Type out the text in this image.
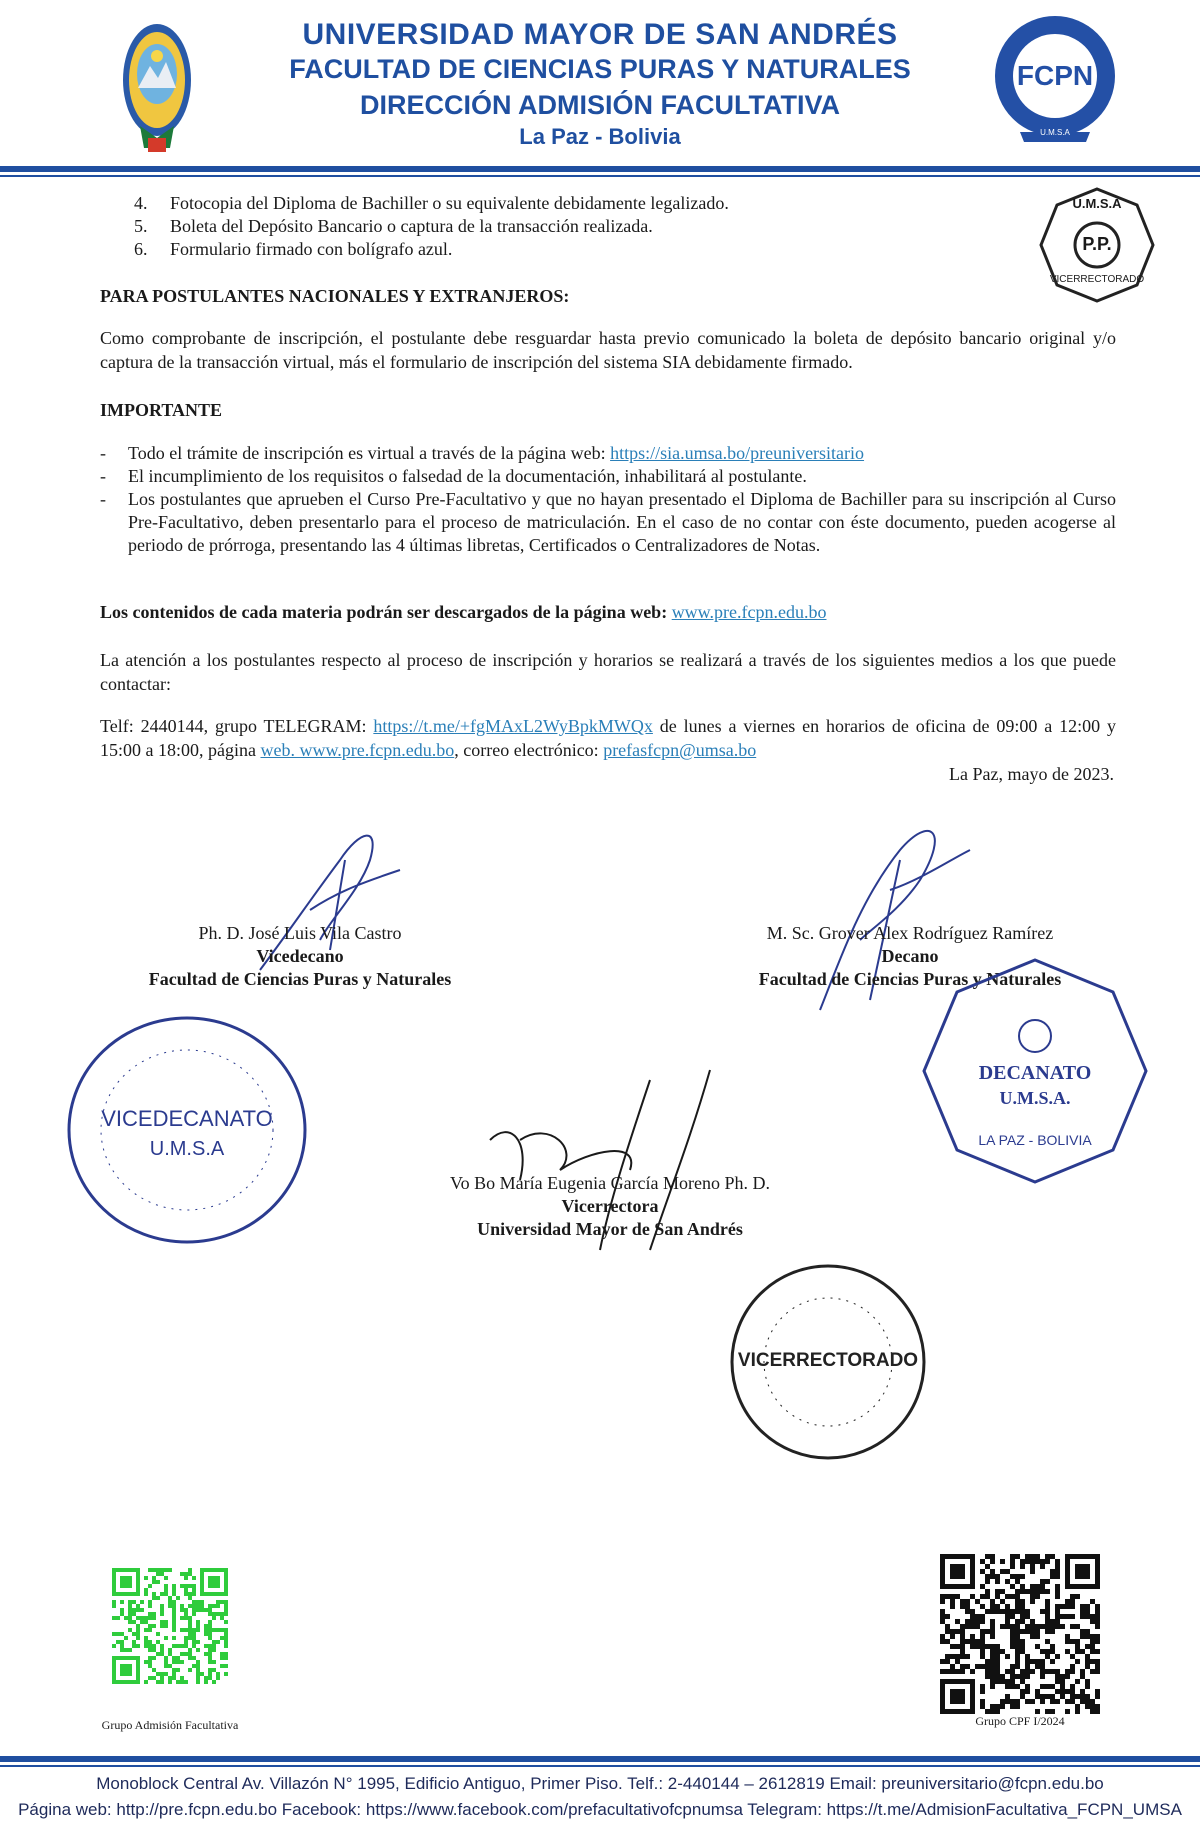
UNIVERSIDAD MAYOR DE SAN ANDRÉS
FACULTAD DE CIENCIAS PURAS Y NATURALES
DIRECCIÓN ADMISIÓN FACULTATIVA
La Paz - Bolivia
FCPN
U.M.S.A
4.	Fotocopia del Diploma de Bachiller o su equivalente debidamente legalizado.
5.	Boleta del Depósito Bancario o captura de la transacción realizada.
6.	Formulario firmado con bolígrafo azul.
U.M.S.A
P.P.
VICERRECTORADO
PARA POSTULANTES NACIONALES Y EXTRANJEROS:
Como comprobante de inscripción, el postulante debe resguardar hasta previo comunicado la boleta de depósito bancario original y/o captura de la transacción virtual, más el formulario de inscripción del sistema SIA debidamente firmado.
IMPORTANTE
- Todo el trámite de inscripción es virtual a través de la página web: https://sia.umsa.bo/preuniversitario
- El incumplimiento de los requisitos o falsedad de la documentación, inhabilitará al postulante.
- Los postulantes que aprueben el Curso Pre-Facultativo y que no hayan presentado el Diploma de Bachiller para su inscripción al Curso Pre-Facultativo, deben presentarlo para el proceso de matriculación. En el caso de no contar con éste documento, pueden acogerse al periodo de prórroga, presentando las 4 últimas libretas, Certificados o Centralizadores de Notas.
Los contenidos de cada materia podrán ser descargados de la página web: www.pre.fcpn.edu.bo
La atención a los postulantes respecto al proceso de inscripción y horarios se realizará a través de los siguientes medios a los que puede contactar:
Telf: 2440144, grupo TELEGRAM: https://t.me/+fgMAxL2WyBpkMWQx de lunes a viernes en horarios de oficina de 09:00 a 12:00 y 15:00 a 18:00, página web. www.pre.fcpn.edu.bo, correo electrónico: prefasfcpn@umsa.bo
La Paz, mayo de 2023.
Ph. D. José Luis Vila Castro
Vicedecano
Facultad de Ciencias Puras y Naturales
M. Sc. Grover Alex Rodríguez Ramírez
Decano
Facultad de Ciencias Puras y Naturales
Vo Bo María Eugenia García Moreno Ph. D.
Vicerrectora
Universidad Mayor de San Andrés
VICEDECANATO
U.M.S.A
DECANATO
U.M.S.A.
LA PAZ - BOLIVIA
VICERRECTORADO
Grupo Admisión Facultativa	Grupo CPF I/2024
Monoblock Central Av. Villazón N° 1995, Edificio Antiguo, Primer Piso. Telf.: 2-440144 – 2612819 Email: preuniversitario@fcpn.edu.bo
Página web: http://pre.fcpn.edu.bo Facebook: https://www.facebook.com/prefacultativofcpnumsa Telegram: https://t.me/AdmisionFacultativa_FCPN_UMSA
